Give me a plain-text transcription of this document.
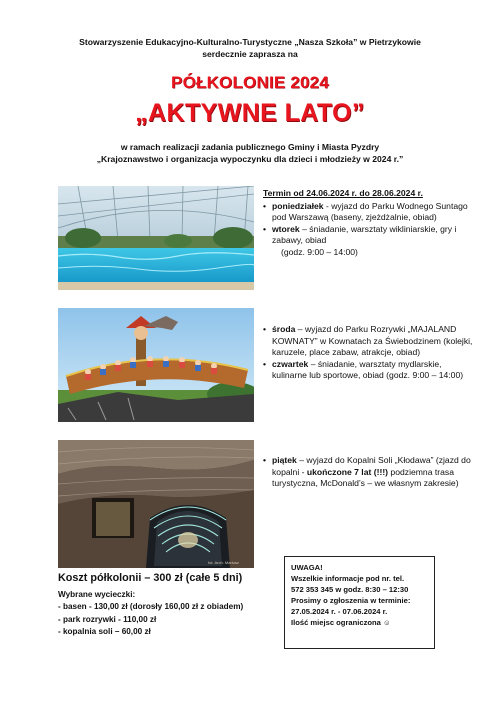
Stowarzyszenie Edukacyjno-Kulturalno-Turystyczne „Nasza Szkoła” w Pietrzykowie
serdecznie zaprasza na
PÓŁKOLONIE 2024
„AKTYWNE LATO”
w ramach realizacji zadania publicznego Gminy i Miasta Pyzdry
„Krajoznawstwo i organizacja wypoczynku dla dzieci i młodzieży w 2024 r.”
Termin od 24.06.2024 r. do 28.06.2024 r.
• poniedziałek - wyjazd do Parku Wodnego Suntago pod Warszawą (baseny, zjeżdżalnie, obiad)
• wtorek – śniadanie, warsztaty wikliniarskie, gry i zabawy, obiad
(godz. 9:00 – 14:00)
• środa – wyjazd do Parku Rozrywki „MAJALAND KOWNATY” w Kownatach za Świebodzinem (kolejki, karuzele, place zabaw, atrakcje, obiad)
• czwartek – śniadanie, warsztaty mydlarskie, kulinarne lub sportowe, obiad (godz. 9:00 – 14:00)
fot. Arch. Mariusz
• piątek – wyjazd do Kopalni Soli „Kłodawa” (zjazd do kopalni - ukończone 7 lat (!!!) podziemna trasa turystyczna, McDonald’s – we własnym zakresie)
Koszt półkolonii – 300 zł (całe 5 dni)
Wybrane wycieczki:
- basen - 130,00 zł (dorosły 160,00 zł z obiadem)
- park rozrywki - 110,00 zł
- kopalnia soli – 60,00 zł
UWAGA!
Wszelkie informacje pod nr. tel.
572 353 345 w godz. 8:30 – 12:30
Prosimy o zgłoszenia w terminie:
27.05.2024 r. - 07.06.2024 r.
Ilość miejsc ograniczona ☺
